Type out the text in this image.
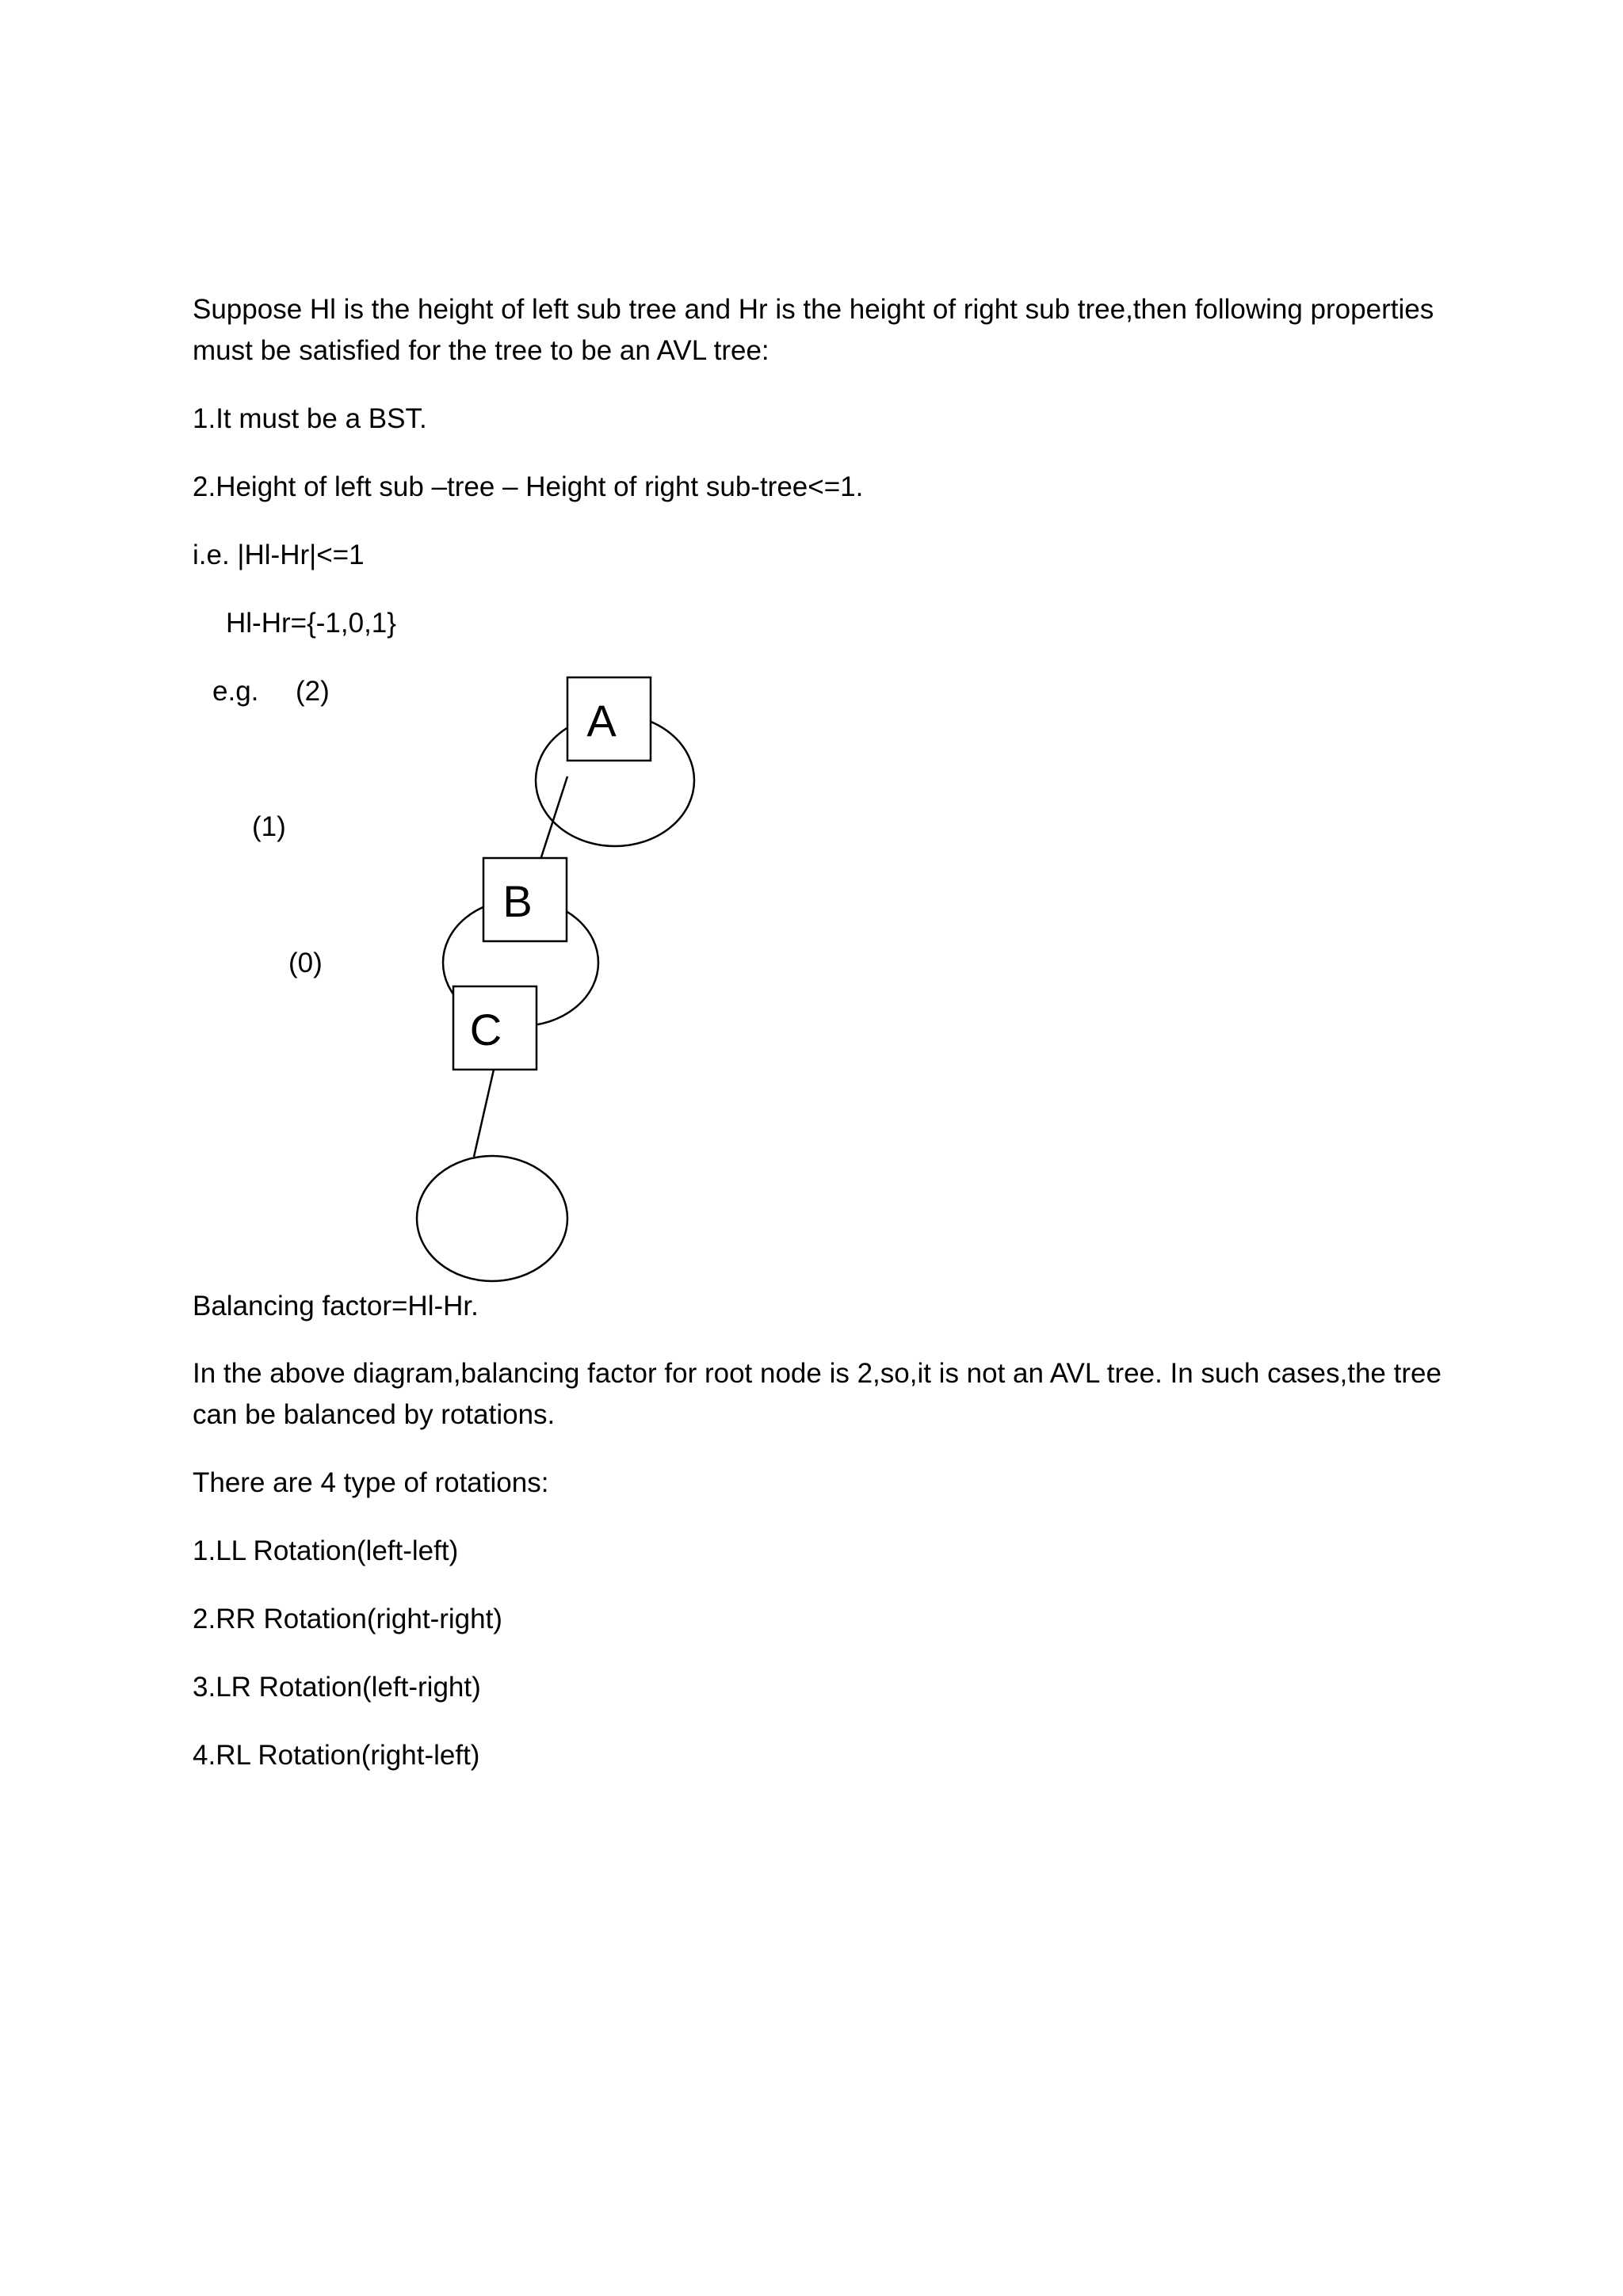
Suppose Hl is the height of left sub tree and Hr is the height of right sub tree,then following properties must be satisfied for the tree to be an AVL tree:

1.It must be a BST.

2.Height of left sub –tree – Height of right sub-tree<=1.

i.e. |Hl-Hr|<=1

Hl-Hr={-1,0,1}

e.g. (2)

(1)

(0)

A
B
C

Balancing factor=Hl-Hr.

In the above diagram,balancing factor for root node is 2,so,it is not an AVL tree. In such cases,the tree can be balanced by rotations.

There are 4 type of rotations:

1.LL Rotation(left-left)

2.RR Rotation(right-right)

3.LR Rotation(left-right)

4.RL Rotation(right-left)
